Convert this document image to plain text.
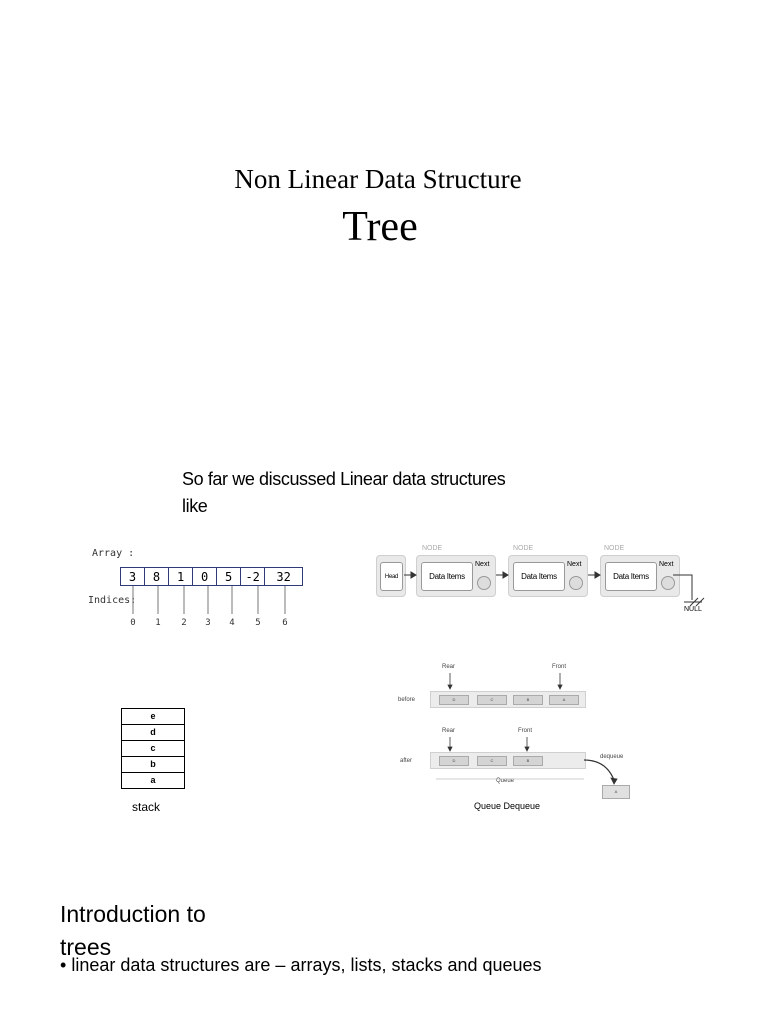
Non Linear Data Structure
Tree
So far we discussed Linear data structures
like
Array :
3	8	1	0	5	-2	32
Indices:
0	1	2	3	4	5	6
NODE	NODE	NODE
Head	Data Items
Next
Data Items
Next
Data Items
Next
NULL
e
d
c
b
a
stack
Rear	Front
before	D	C	B	A
Rear	Front
after	D	C	B
dequeue
A
Queue
Queue Dequeue
Introduction to
trees
• linear data structures are – arrays, lists, stacks and queues
